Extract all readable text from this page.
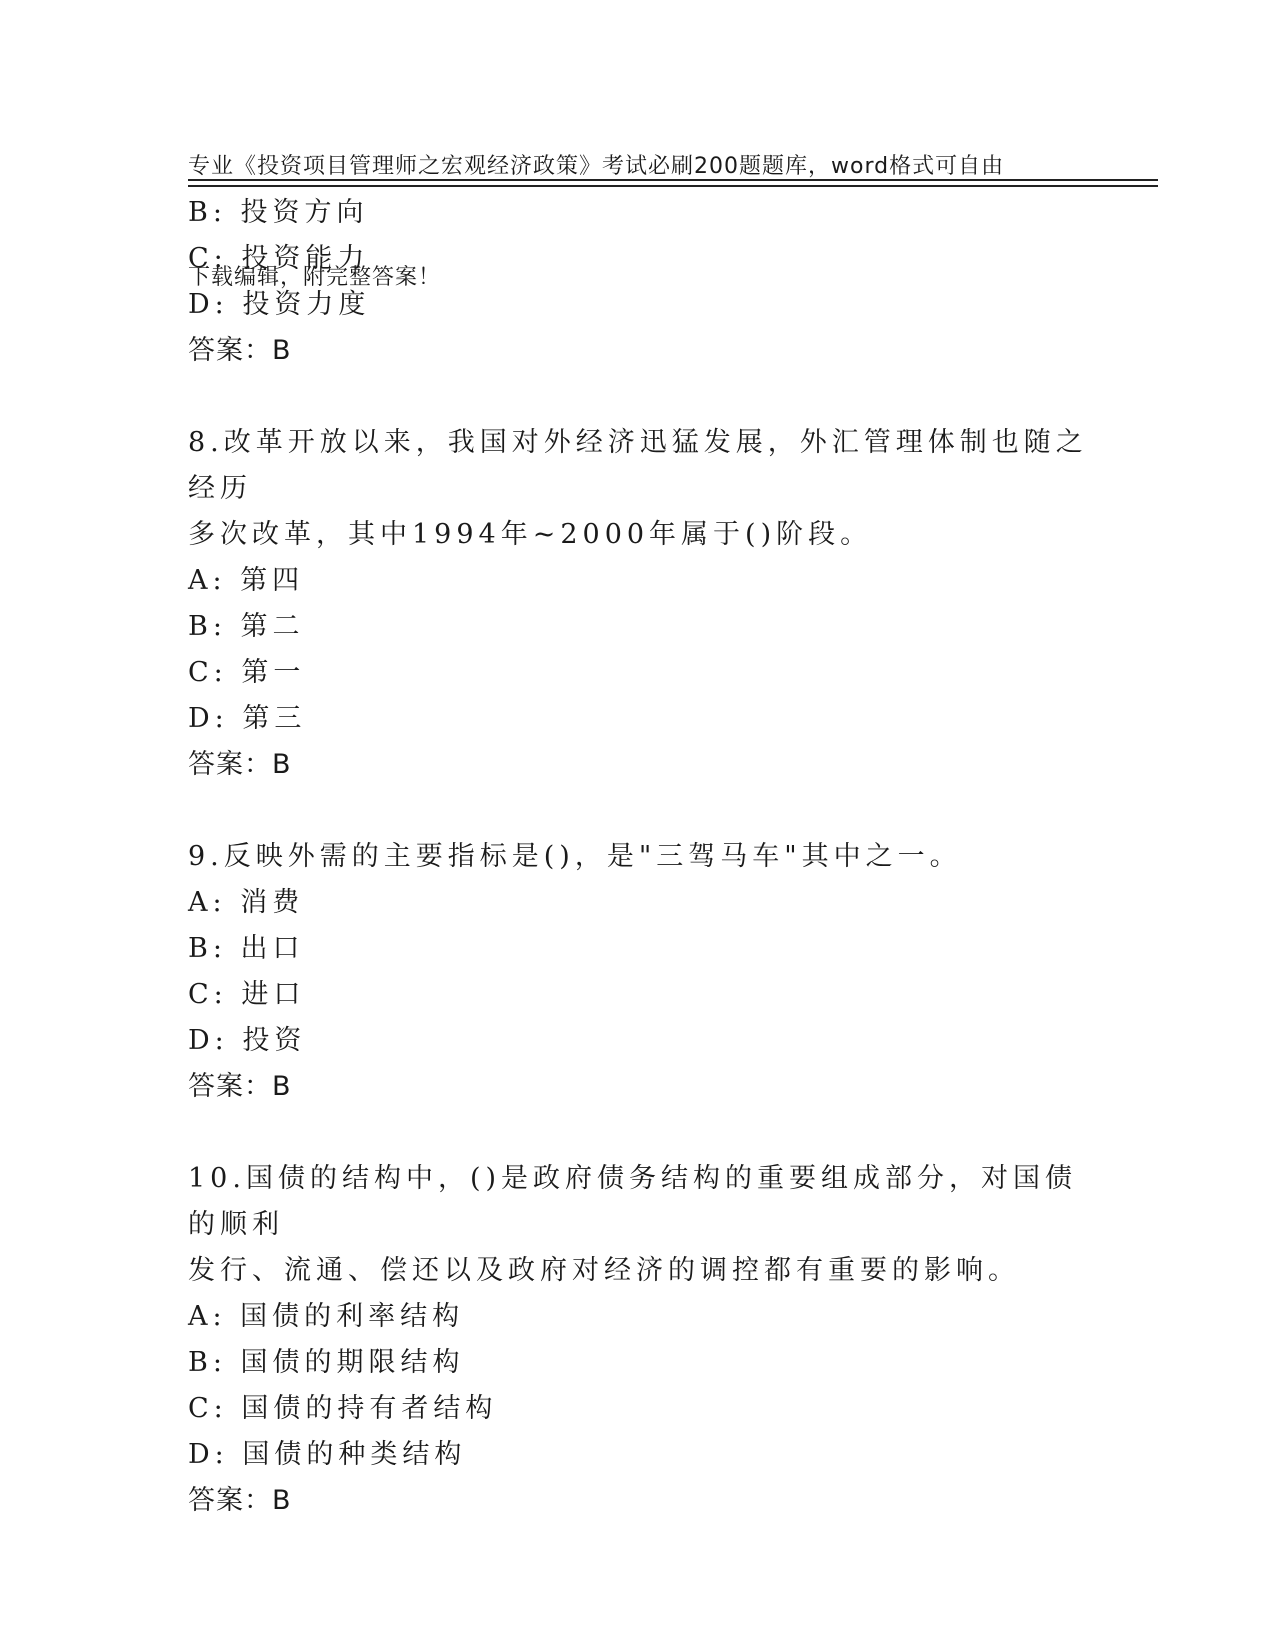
专业《投资项目管理师之宏观经济政策》考试必刷200题题库，word格式可自由

下载编辑，附完整答案！

B: 投资方向
C: 投资能力
D: 投资力度
答案：B
8.改革开放以来，我国对外经济迅猛发展，外汇管理体制也随之经历
多次改革，其中1994年~2000年属于()阶段。
A: 第四
B: 第二
C: 第一
D: 第三
答案：B
9.反映外需的主要指标是()，是"三驾马车"其中之一。
A: 消费
B: 出口
C: 进口
D: 投资
答案：B
10.国债的结构中，()是政府债务结构的重要组成部分，对国债的顺利
发行、流通、偿还以及政府对经济的调控都有重要的影响。
A: 国债的利率结构
B: 国债的期限结构
C: 国债的持有者结构
D: 国债的种类结构
答案：B
